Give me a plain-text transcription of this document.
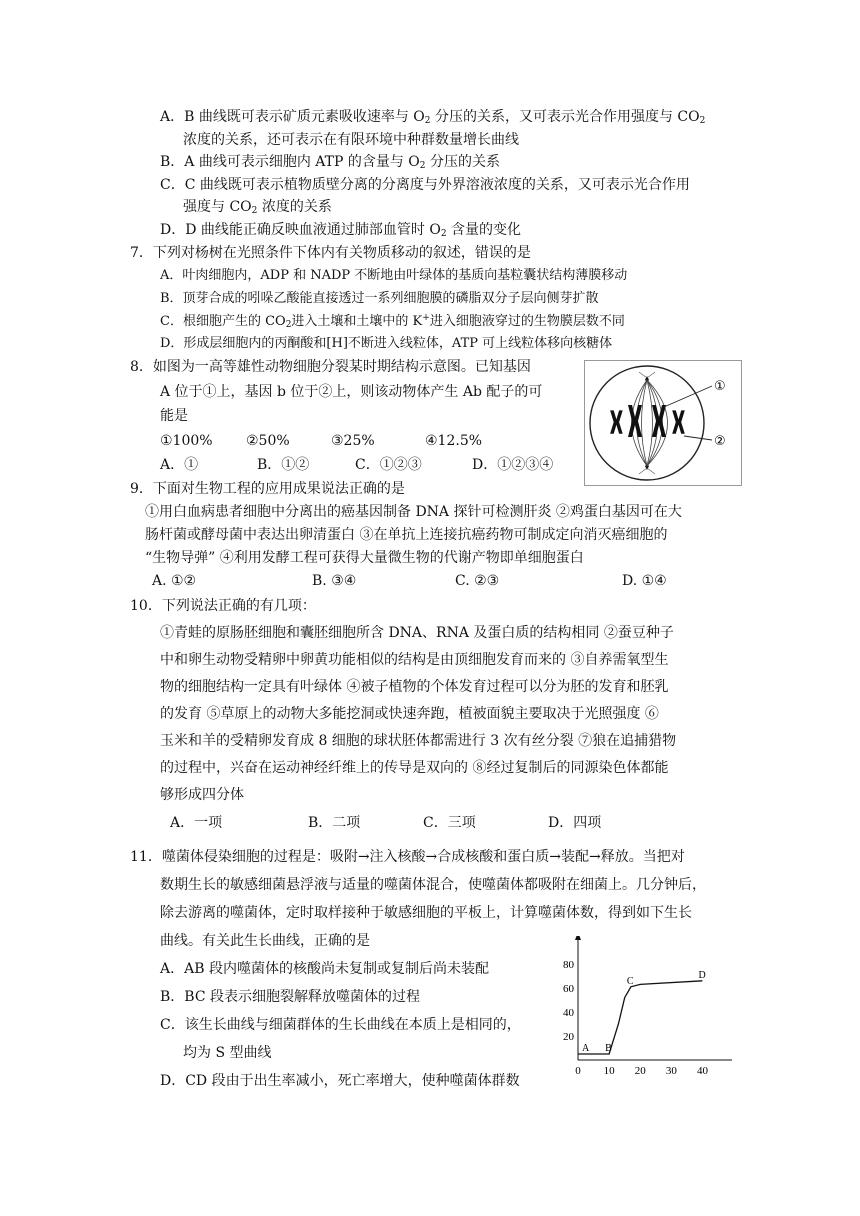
A．B 曲线既可表示矿质元素吸收速率与 $O_2$ 分压的关系，又可表示光合作用强度与 $CO_2$
浓度的关系，还可表示在有限环境中种群数量增长曲线
B．A 曲线可表示细胞内 ATP 的含量与 $O_2$ 分压的关系
C．C 曲线既可表示植物质壁分离的分离度与外界溶液浓度的关系，又可表示光合作用
强度与 $CO_2$ 浓度的关系
D．D 曲线能正确反映血液通过肺部血管时 $O_2$ 含量的变化
7．下列对杨树在光照条件下体内有关物质移动的叙述，错误的是
A．叶肉细胞内，ADP 和 NADP 不断地由叶绿体的基质向基粒囊状结构薄膜移动
B．顶芽合成的吲哚乙酸能直接透过一系列细胞膜的磷脂双分子层向侧芽扩散
C．根细胞产生的 $CO_2$进入土壤和土壤中的 K+进入细胞液穿过的生物膜层数不同
D．形成层细胞内的丙酮酸和[H]不断进入线粒体，ATP 可上线粒体移向核糖体
8．如图为一高等雄性动物细胞分裂某时期结构示意图。已知基因
A 位于①上，基因 b 位于②上，则该动物体产生 Ab 配子的可
能是
①100% ②50%	③25%	④12.5%
A．①	B．①②	C．①②③	D．①②③④
①
②
9．下面对生物工程的应用成果说法正确的是
①用白血病患者细胞中分离出的癌基因制备 DNA 探针可检测肝炎 ②鸡蛋白基因可在大
肠杆菌或酵母菌中表达出卵清蛋白 ③在单抗上连接抗癌药物可制成定向消灭癌细胞的
“生物导弹” ④利用发酵工程可获得大量微生物的代谢产物即单细胞蛋白
A. ①②	B. ③④	C. ②③	D. ①④
10．下列说法正确的有几项：
①青蛙的原肠胚细胞和囊胚细胞所含 DNA、RNA 及蛋白质的结构相同 ②蚕豆种子
中和卵生动物受精卵中卵黄功能相似的结构是由顶细胞发育而来的 ③自养需氧型生
物的细胞结构一定具有叶绿体 ④被子植物的个体发育过程可以分为胚的发育和胚乳
的发育 ⑤草原上的动物大多能挖洞或快速奔跑，植被面貌主要取决于光照强度 ⑥
玉米和羊的受精卵发育成 8 细胞的球状胚体都需进行 3 次有丝分裂 ⑦狼在追捕猎物
的过程中，兴奋在运动神经纤维上的传导是双向的 ⑧经过复制后的同源染色体都能
够形成四分体
A．一项	B．二项	C．三项	D．四项
11．噬菌体侵染细胞的过程是：吸附→注入核酸→合成核酸和蛋白质→装配→释放。当把对
数期生长的敏感细菌悬浮液与适量的噬菌体混合，使噬菌体都吸附在细菌上。几分钟后，
除去游离的噬菌体，定时取样接种于敏感细胞的平板上，计算噬菌体数，得到如下生长
曲线。有关此生长曲线，正确的是
A．AB 段内噬菌体的核酸尚未复制或复制后尚未装配
B．BC 段表示细胞裂解释放噬菌体的过程
C．该生长曲线与细菌群体的生长曲线在本质上是相同的，
均为 S 型曲线
D．CD 段由于出生率减小，死亡率增大，使种噬菌体群数
0 10 20 30 40
20
40
60
80
A B
C
D
